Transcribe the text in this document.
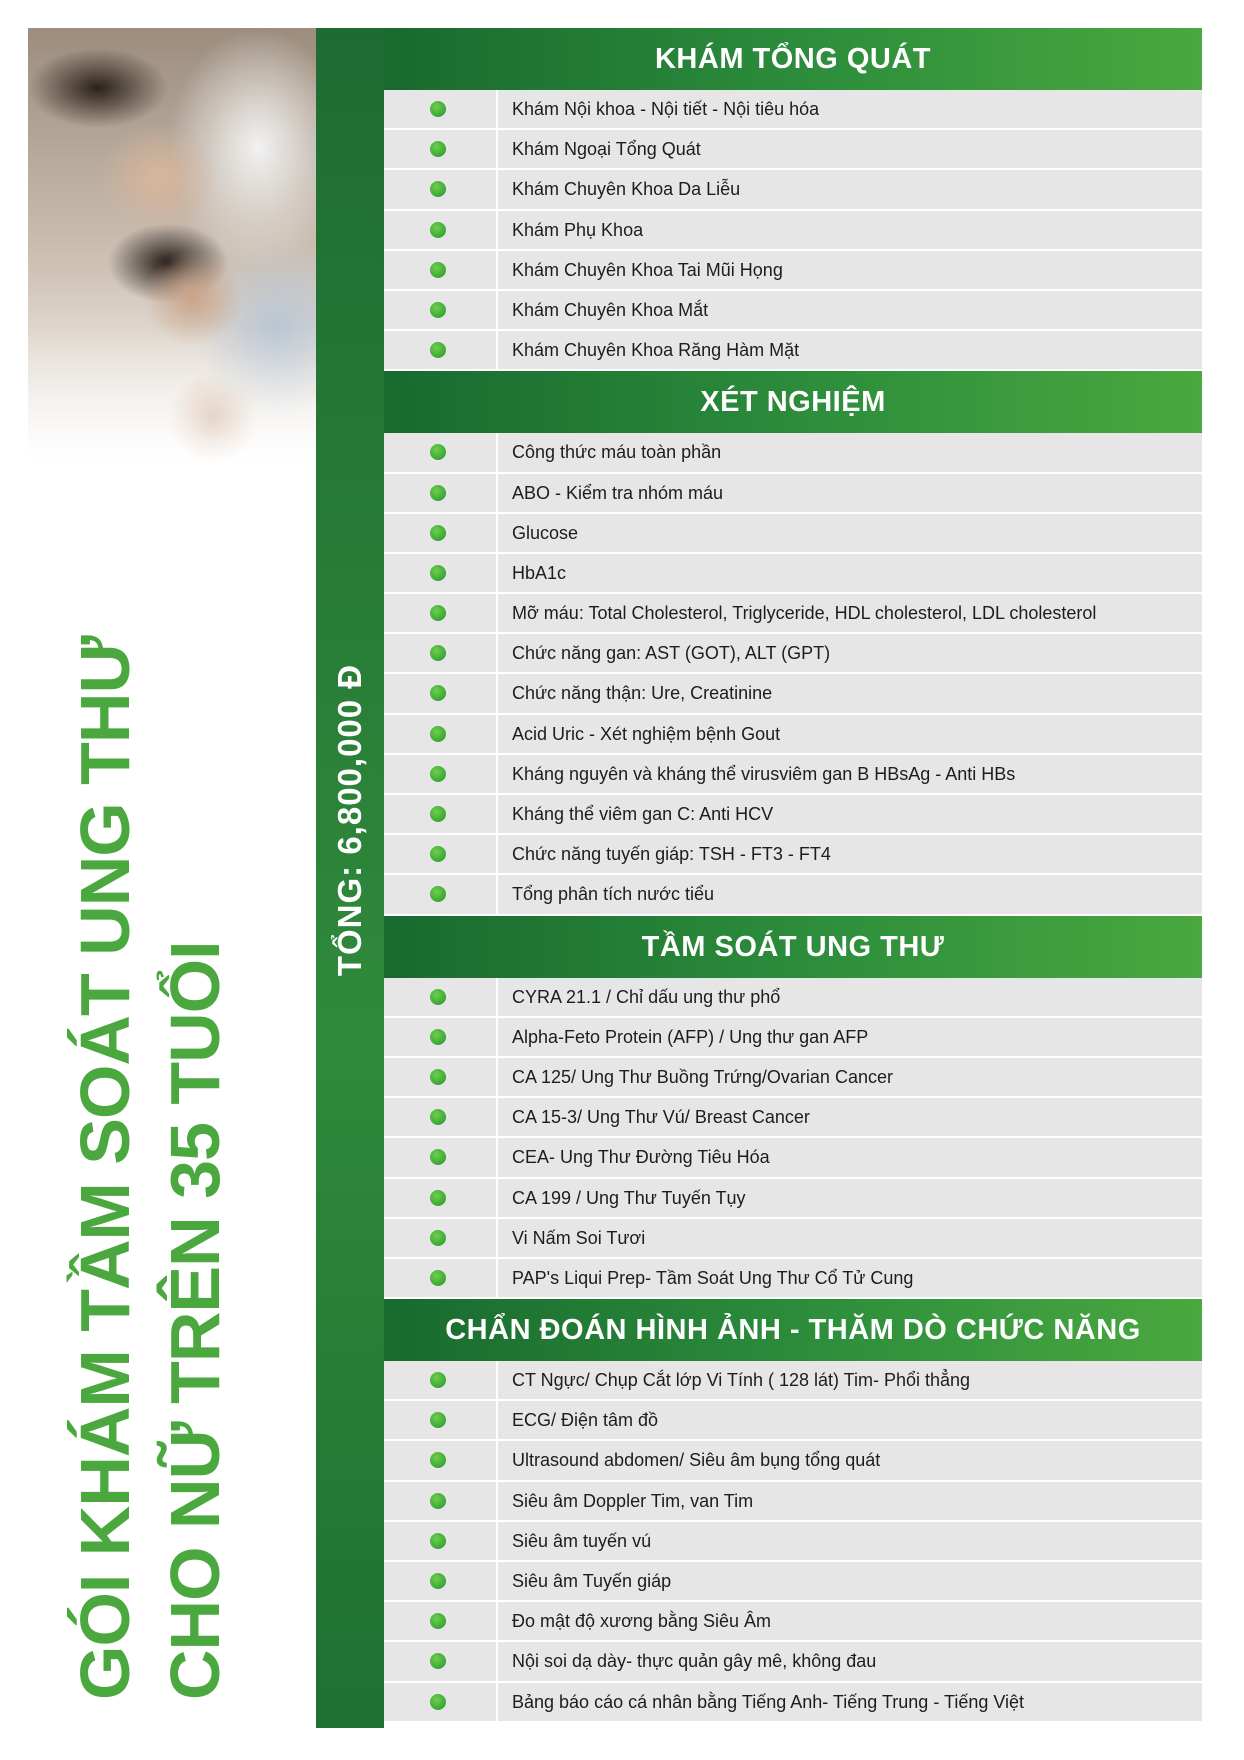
GÓI KHÁM TẦM SOÁT UNG THƯ CHO NỮ TRÊN 35 TUỔI
TỔNG: 6,800,000 Đ
KHÁM TỔNG QUÁT
Khám Nội khoa - Nội tiết - Nội tiêu hóa
Khám Ngoại Tổng Quát
Khám Chuyên Khoa Da Liễu
Khám Phụ Khoa
Khám Chuyên Khoa Tai Mũi Họng
Khám Chuyên Khoa Mắt
Khám Chuyên Khoa Răng Hàm Mặt
XÉT NGHIỆM
Công thức máu toàn phần
ABO - Kiểm tra nhóm máu
Glucose
HbA1c
Mỡ máu: Total Cholesterol, Triglyceride, HDL cholesterol, LDL cholesterol
Chức năng gan: AST (GOT), ALT (GPT)
Chức năng thận: Ure, Creatinine
Acid Uric - Xét nghiệm bệnh Gout
Kháng nguyên và kháng thể virusviêm gan B HBsAg - Anti HBs
Kháng thể viêm gan C: Anti HCV
Chức năng tuyến giáp: TSH - FT3 - FT4
Tổng phân tích nước tiểu
TẦM SOÁT UNG THƯ
CYRA 21.1 / Chỉ dấu ung thư phổ
Alpha-Feto Protein (AFP) / Ung thư gan AFP
CA 125/ Ung Thư Buồng Trứng/Ovarian Cancer
CA 15-3/ Ung Thư Vú/ Breast Cancer
CEA- Ung Thư Đường Tiêu Hóa
CA 199 / Ung Thư Tuyến Tụy
Vi Nấm Soi Tươi
PAP's Liqui Prep- Tầm Soát Ung Thư Cổ Tử Cung
CHẨN ĐOÁN HÌNH ẢNH - THĂM DÒ CHỨC NĂNG
CT Ngực/ Chụp Cắt lớp Vi Tính ( 128 lát) Tim- Phổi thẳng
ECG/ Điện tâm đồ
Ultrasound abdomen/ Siêu âm bụng tổng quát
Siêu âm Doppler Tim, van Tim
Siêu âm tuyến vú
Siêu âm Tuyến giáp
Đo mật độ xương bằng Siêu Âm
Nội soi dạ dày- thực quản gây mê, không đau
Bảng báo cáo cá nhân bằng Tiếng Anh- Tiếng Trung - Tiếng Việt
